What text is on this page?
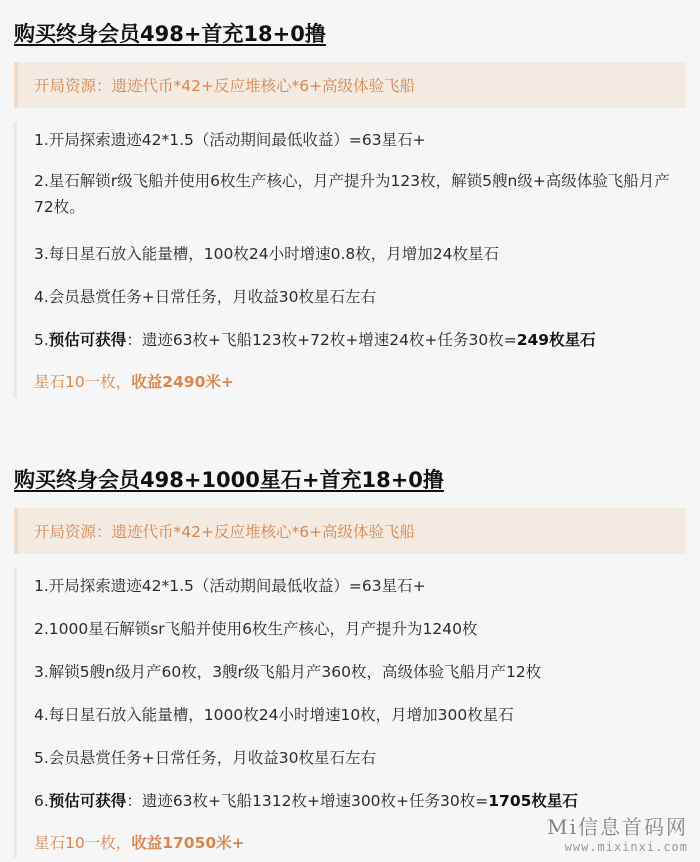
购买终身会员498+首充18+0撸
开局资源：遗迹代币*42+反应堆核心*6+高级体验飞船
1.开局探索遗迹42*1.5（活动期间最低收益）=63星石+
2.星石解锁r级飞船并使用6枚生产核心，月产提升为123枚，解锁5艘n级+高级体验飞船月产72枚。
3.每日星石放入能量槽，100枚24小时增速0.8枚，月增加24枚星石
4.会员悬赏任务+日常任务，月收益30枚星石左右
5.预估可获得：遗迹63枚+飞船123枚+72枚+增速24枚+任务30枚=249枚星石
星石10一枚，收益2490米+
购买终身会员498+1000星石+首充18+0撸
开局资源：遗迹代币*42+反应堆核心*6+高级体验飞船
1.开局探索遗迹42*1.5（活动期间最低收益）=63星石+
2.1000星石解锁sr飞船并使用6枚生产核心，月产提升为1240枚
3.解锁5艘n级月产60枚，3艘r级飞船月产360枚，高级体验飞船月产12枚
4.每日星石放入能量槽，1000枚24小时增速10枚，月增加300枚星石
5.会员悬赏任务+日常任务，月收益30枚星石左右
6.预估可获得：遗迹63枚+飞船1312枚+增速300枚+任务30枚=1705枚星石
星石10一枚，收益17050米+
Mi信息首码网
www.mixinxi.com
